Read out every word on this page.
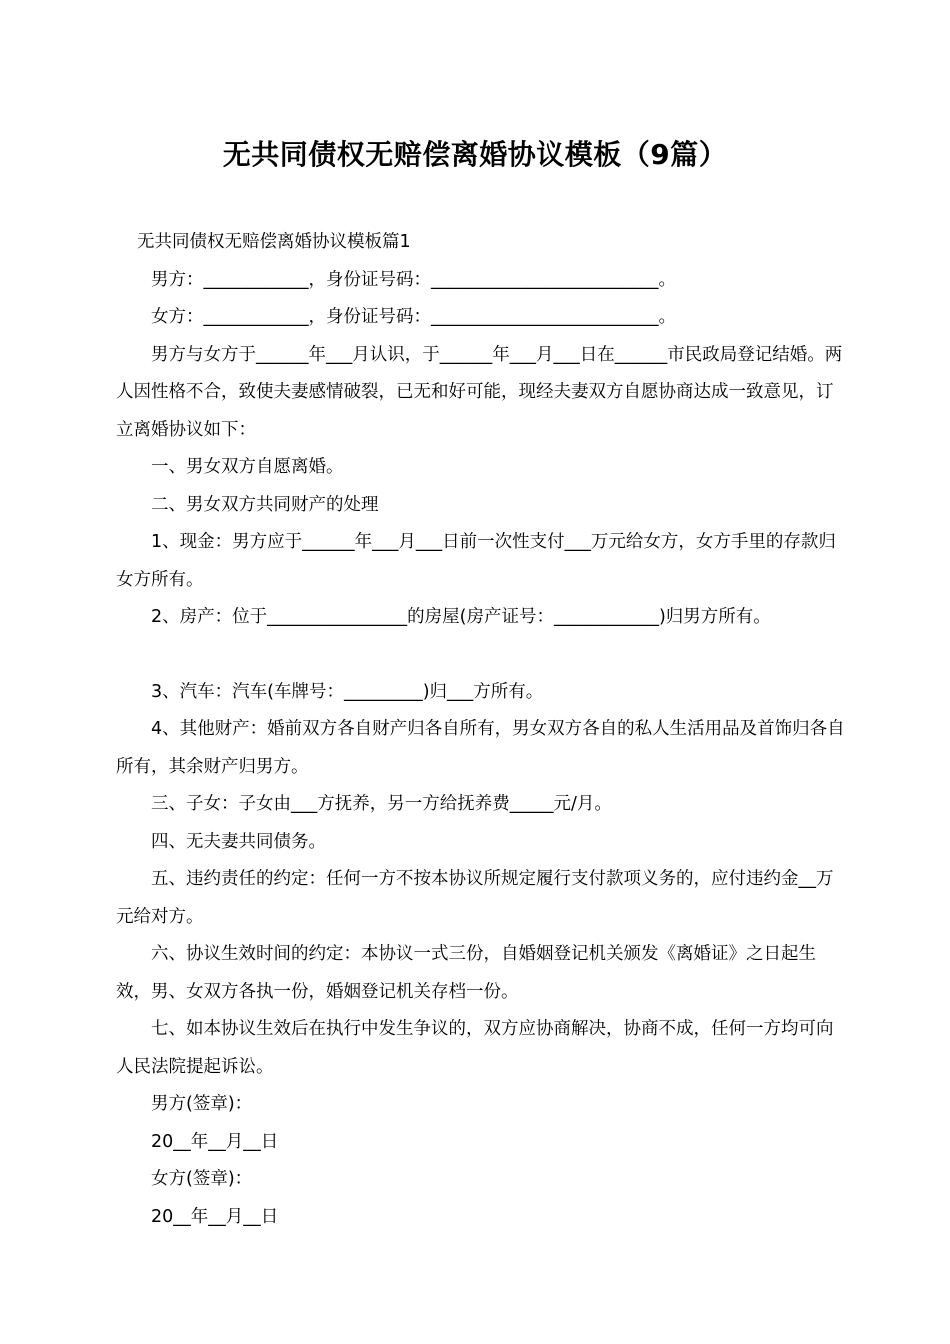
无共同债权无赔偿离婚协议模板（9篇）

无共同债权无赔偿离婚协议模板篇1

男方：____________，身份证号码：__________________________。

女方：____________，身份证号码：__________________________。

男方与女方于______年___月认识，于______年___月___日在______市民政局登记结婚。两人因性格不合，致使夫妻感情破裂，已无和好可能，现经夫妻双方自愿协商达成一致意见，订立离婚协议如下：

一、男女双方自愿离婚。

二、男女双方共同财产的处理

1、现金：男方应于______年___月___日前一次性支付___万元给女方，女方手里的存款归女方所有。

2、房产：位于________________的房屋(房产证号：____________)归男方所有。

3、汽车：汽车(车牌号：_________)归___方所有。

4、其他财产：婚前双方各自财产归各自所有，男女双方各自的私人生活用品及首饰归各自所有，其余财产归男方。

三、子女：子女由___方抚养，另一方给抚养费_____元/月。

四、无夫妻共同债务。

五、违约责任的约定：任何一方不按本协议所规定履行支付款项义务的，应付违约金__万元给对方。

六、协议生效时间的约定：本协议一式三份，自婚姻登记机关颁发《离婚证》之日起生效，男、女双方各执一份，婚姻登记机关存档一份。

七、如本协议生效后在执行中发生争议的，双方应协商解决，协商不成，任何一方均可向人民法院提起诉讼。

男方(签章)：

20__年__月__日

女方(签章)：

20__年__月__日
